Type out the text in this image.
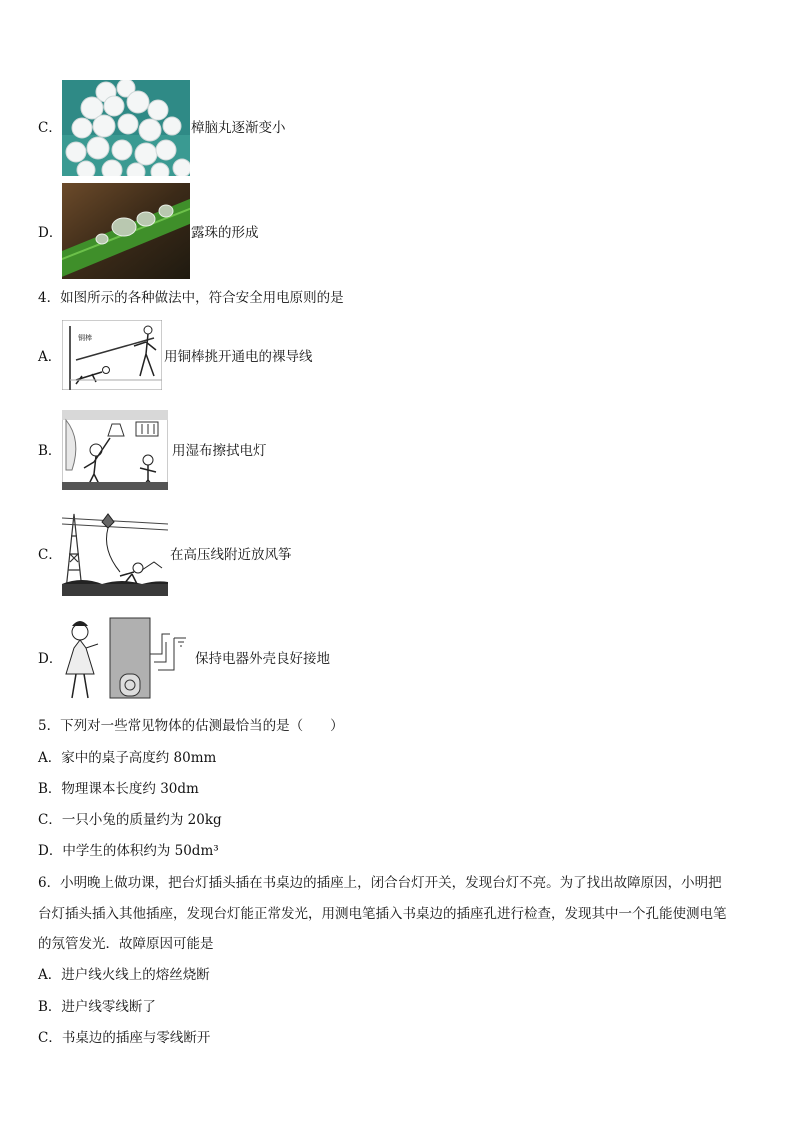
C．	樟脑丸逐渐变小
D．	露珠的形成
4．如图所示的各种做法中，符合安全用电原则的是
A．
铜棒
用铜棒挑开通电的裸导线
B．	用湿布擦拭电灯
C．	在高压线附近放风筝
D．	保持电器外壳良好接地
5．下列对一些常见物体的估测最恰当的是（　　）
A．家中的桌子高度约 80mm
B．物理课本长度约 30dm
C．一只小兔的质量约为 20kg
D．中学生的体积约为 50dm³
6．小明晚上做功课，把台灯插头插在书桌边的插座上，闭合台灯开关，发现台灯不亮。为了找出故障原因，小明把
台灯插头插入其他插座，发现台灯能正常发光，用测电笔插入书桌边的插座孔进行检查，发现其中一个孔能使测电笔
的氖管发光．故障原因可能是
A．进户线火线上的熔丝烧断
B．进户线零线断了
C．书桌边的插座与零线断开
